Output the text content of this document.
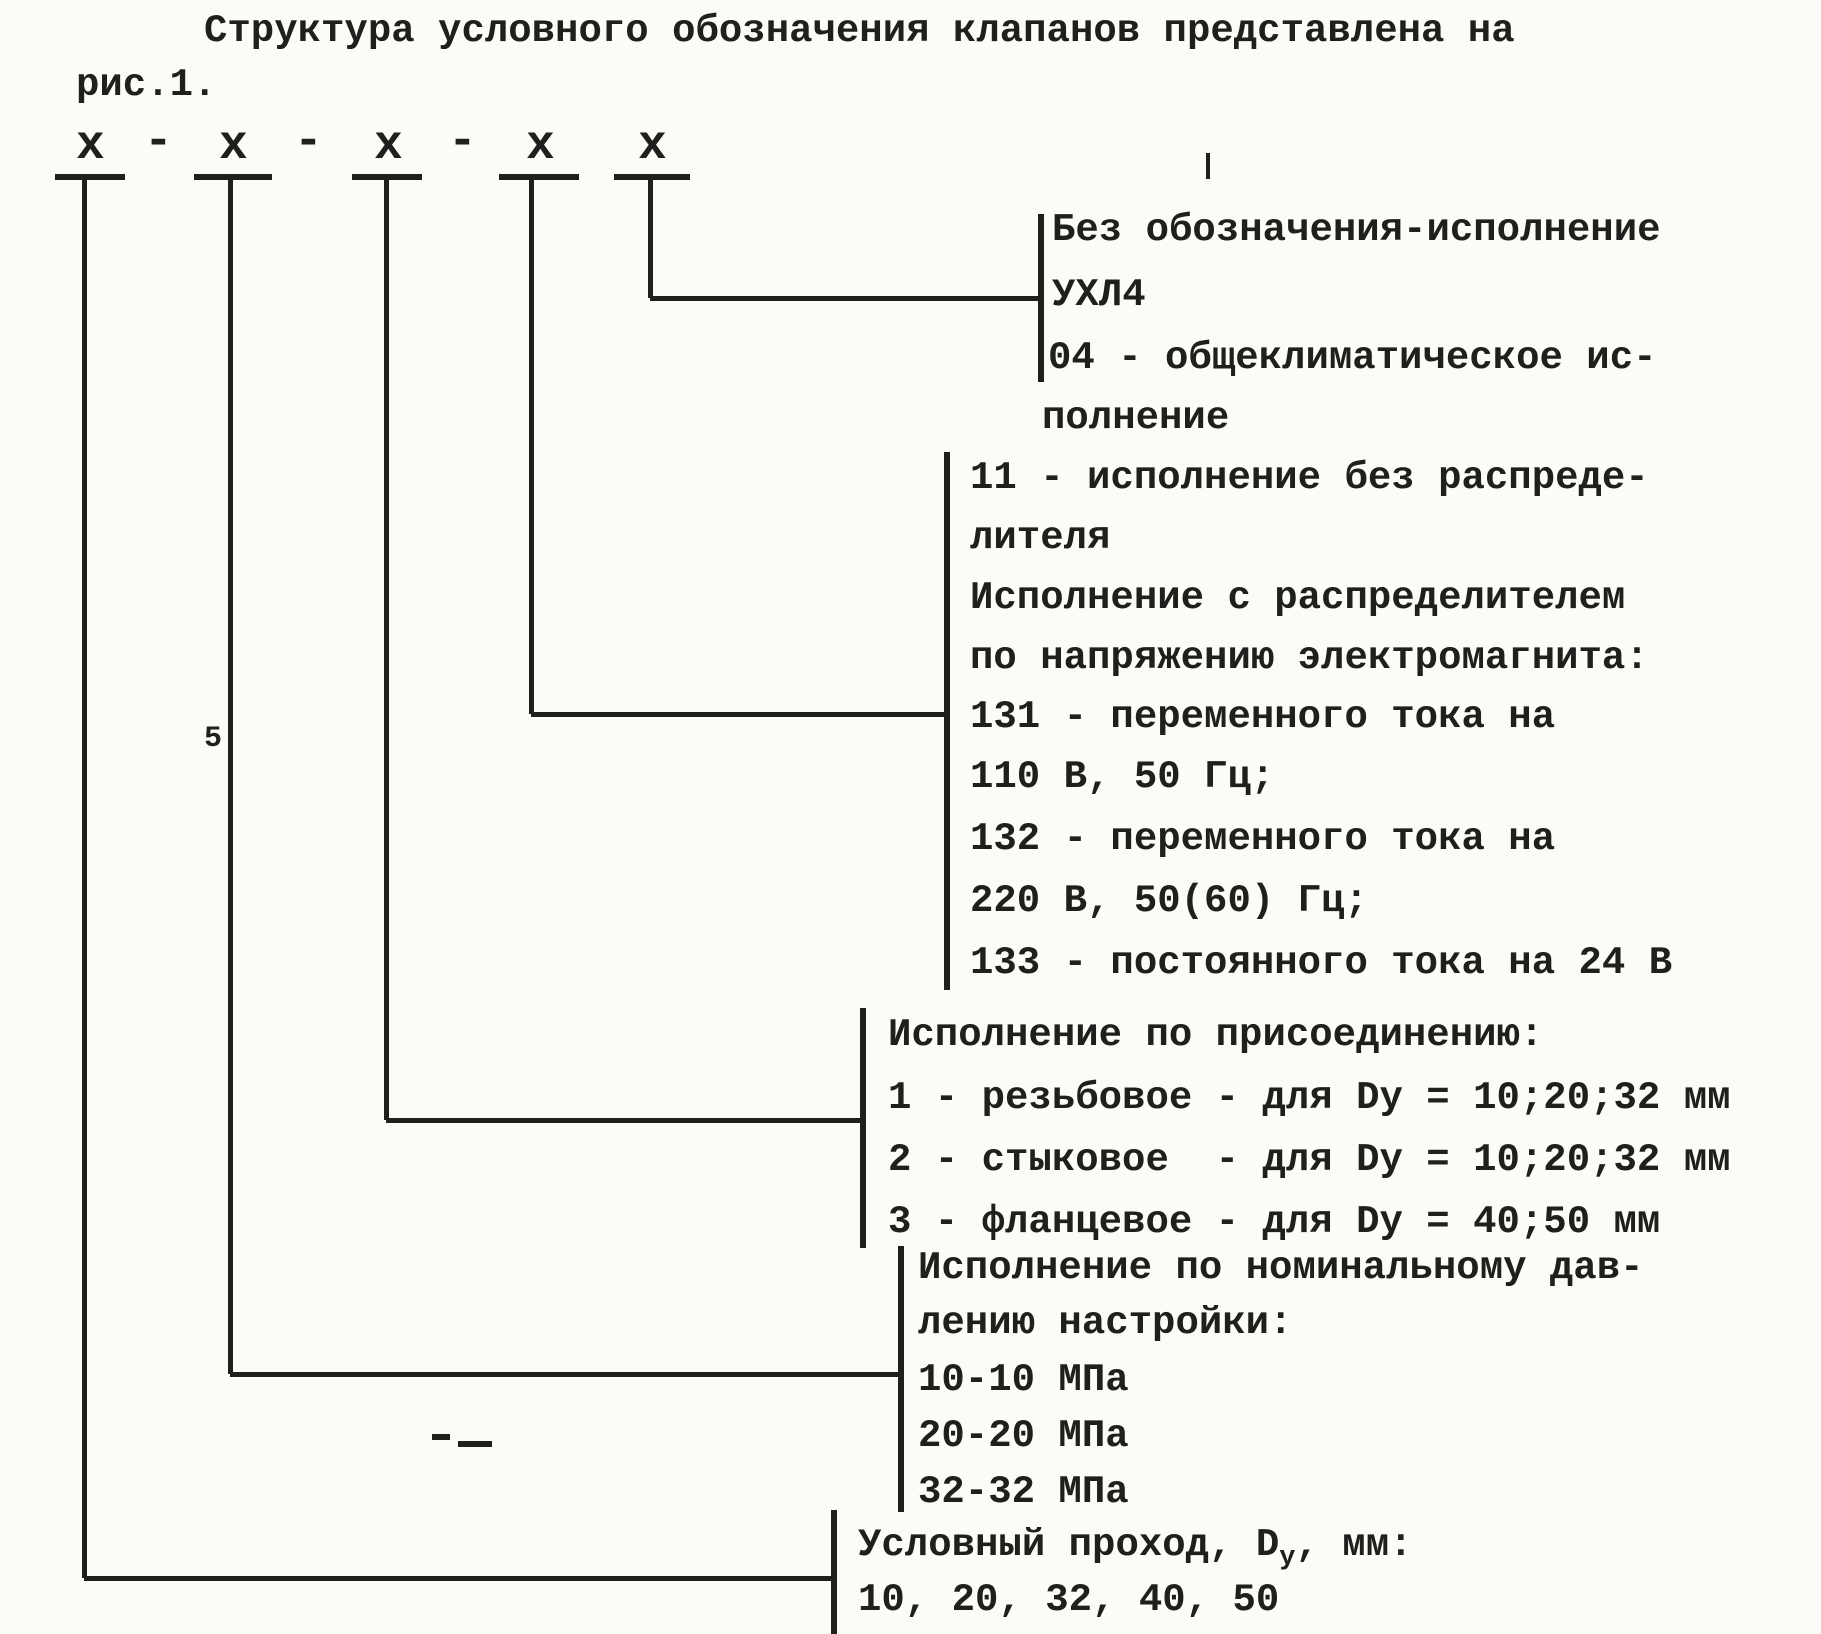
Структура условного обозначения клапанов представлена на
рис.1.
х - х - х - х х
Без обозначения-исполнение
УХЛ4
04 - общеклиматическое ис-
полнение
11 - исполнение без распреде-
лителя
Исполнение с распределителем
по напряжению электромагнита:
131 - переменного тока на
110 В, 50 Гц;
132 - переменного тока на
220 В, 50(60) Гц;
133 - постоянного тока на 24 В
Исполнение по присоединению:
1 - резьбовое - для Dу = 10;20;32 мм
2 - стыковое  - для Dу = 10;20;32 мм
3 - фланцевое - для Dу = 40;50 мм
Исполнение по номинальному дав-
лению настройки:
10-10 МПа
20-20 МПа
32-32 МПа
Условный проход, $D_у$, мм:
10, 20, 32, 40, 50
5
